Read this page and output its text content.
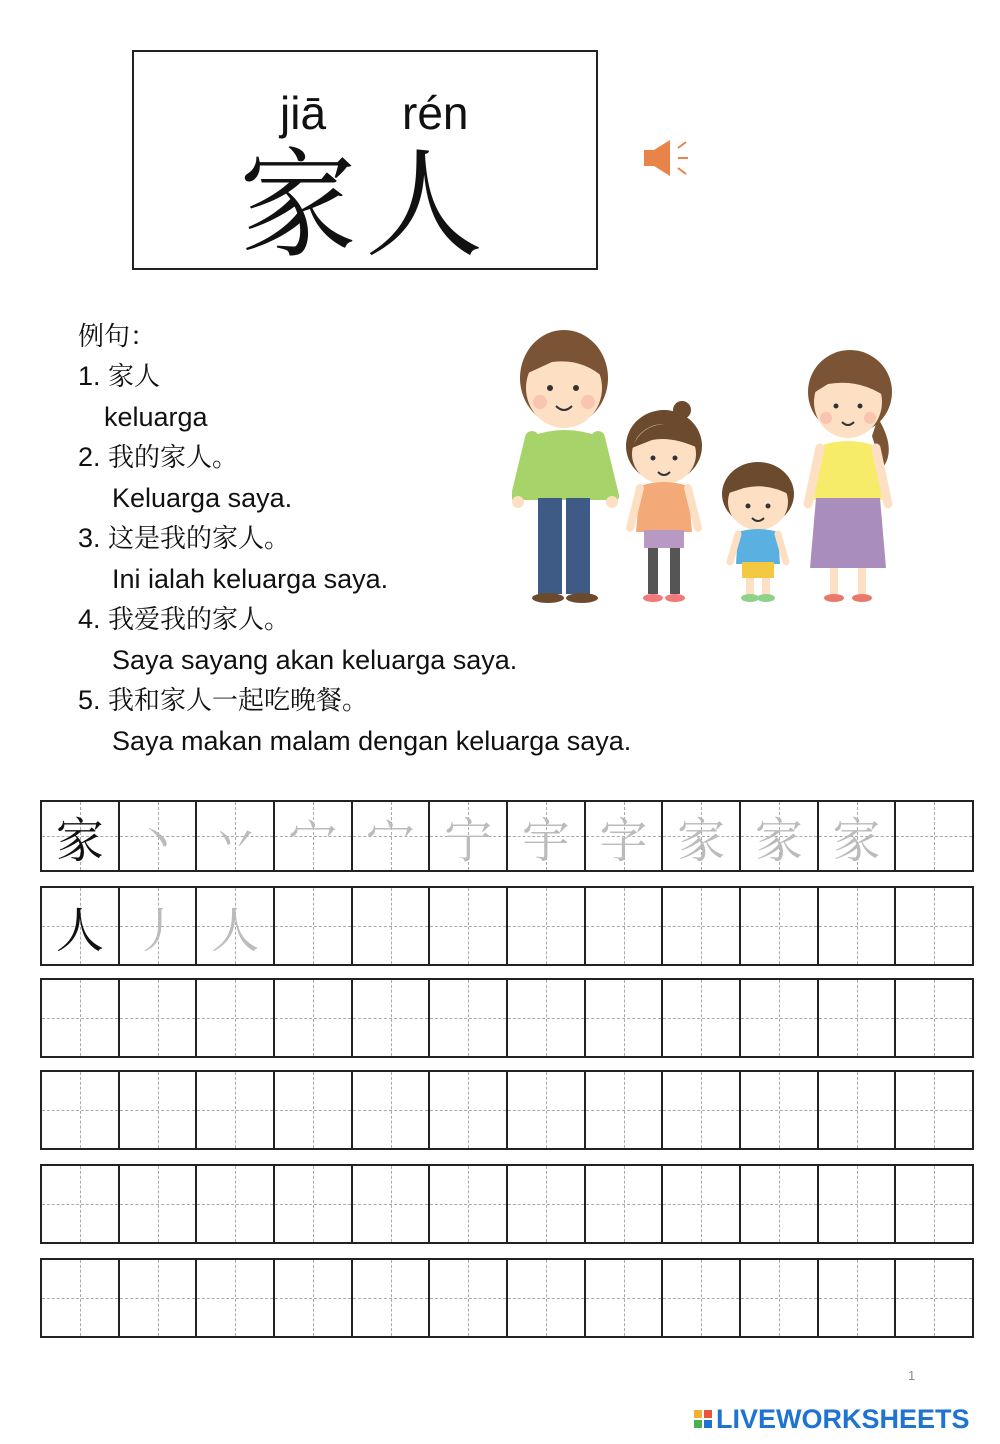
jiā rén
家人
例句：
1. 家人
keluarga
2. 我的家人。
Keluarga saya.
3. 这是我的家人。
Ini ialah keluarga saya.
4. 我爱我的家人。
Saya sayang akan keluarga saya.
5. 我和家人一起吃晚餐。
Saya makan malam dengan keluarga saya.
家 丶 丷 宀 宀 宁 宇 字 家 家 家
人 丿 人
1
LIVEWORKSHEETS
